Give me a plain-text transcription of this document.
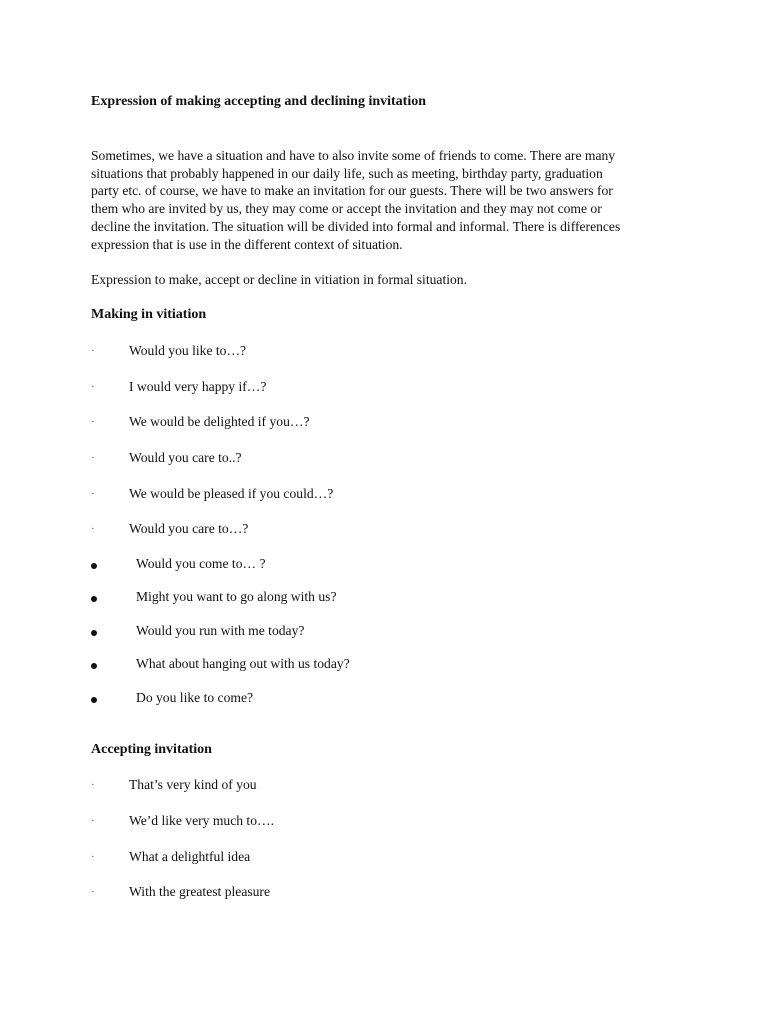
Expression of making accepting and declining invitation
Sometimes, we have a situation and have to also invite some of friends to come. There are many
situations that probably happened in our daily life, such as meeting, birthday party, graduation
party etc. of course, we have to make an invitation for our guests. There will be two answers for
them who are invited by us, they may come or accept the invitation and they may not come or
decline the invitation. The situation will be divided into formal and informal. There is differences
expression that is use in the different context of situation.
Expression to make, accept or decline in vitiation in formal situation.
Making in vitiation
·	Would you like to…?
·	I would very happy if…?
·	We would be delighted if you…?
·	Would you care to..?
·	We would be pleased if you could…?
·	Would you care to…?
Would you come to… ?
Might you want to go along with us?
Would you run with me today?
What about hanging out with us today?
Do you like to come?
Accepting invitation
·	That’s very kind of you
·	We’d like very much to….
·	What a delightful idea
·	With the greatest pleasure
